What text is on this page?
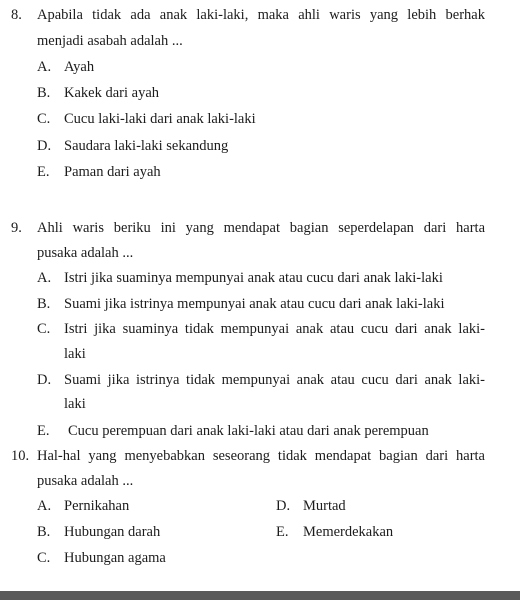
8. Apabila tidak ada anak laki-laki, maka ahli waris yang lebih berhak
menjadi asabah adalah ...
A. Ayah
B. Kakek dari ayah
C. Cucu laki-laki dari anak laki-laki
D. Saudara laki-laki sekandung
E. Paman dari ayah
9. Ahli waris beriku ini yang mendapat bagian seperdelapan dari harta
pusaka adalah ...
A. Istri jika suaminya mempunyai anak atau cucu dari anak laki-laki
B. Suami jika istrinya mempunyai anak atau cucu dari anak laki-laki
C. Istri jika suaminya tidak mempunyai anak atau cucu dari anak laki-
laki
D. Suami jika istrinya tidak mempunyai anak atau cucu dari anak laki-
laki
E. Cucu perempuan dari anak laki-laki atau dari anak perempuan
10. Hal-hal yang menyebabkan seseorang tidak mendapat bagian dari harta
pusaka adalah ...
A. Pernikahan
B. Hubungan darah
C. Hubungan agama
D. Murtad
E. Memerdekakan
